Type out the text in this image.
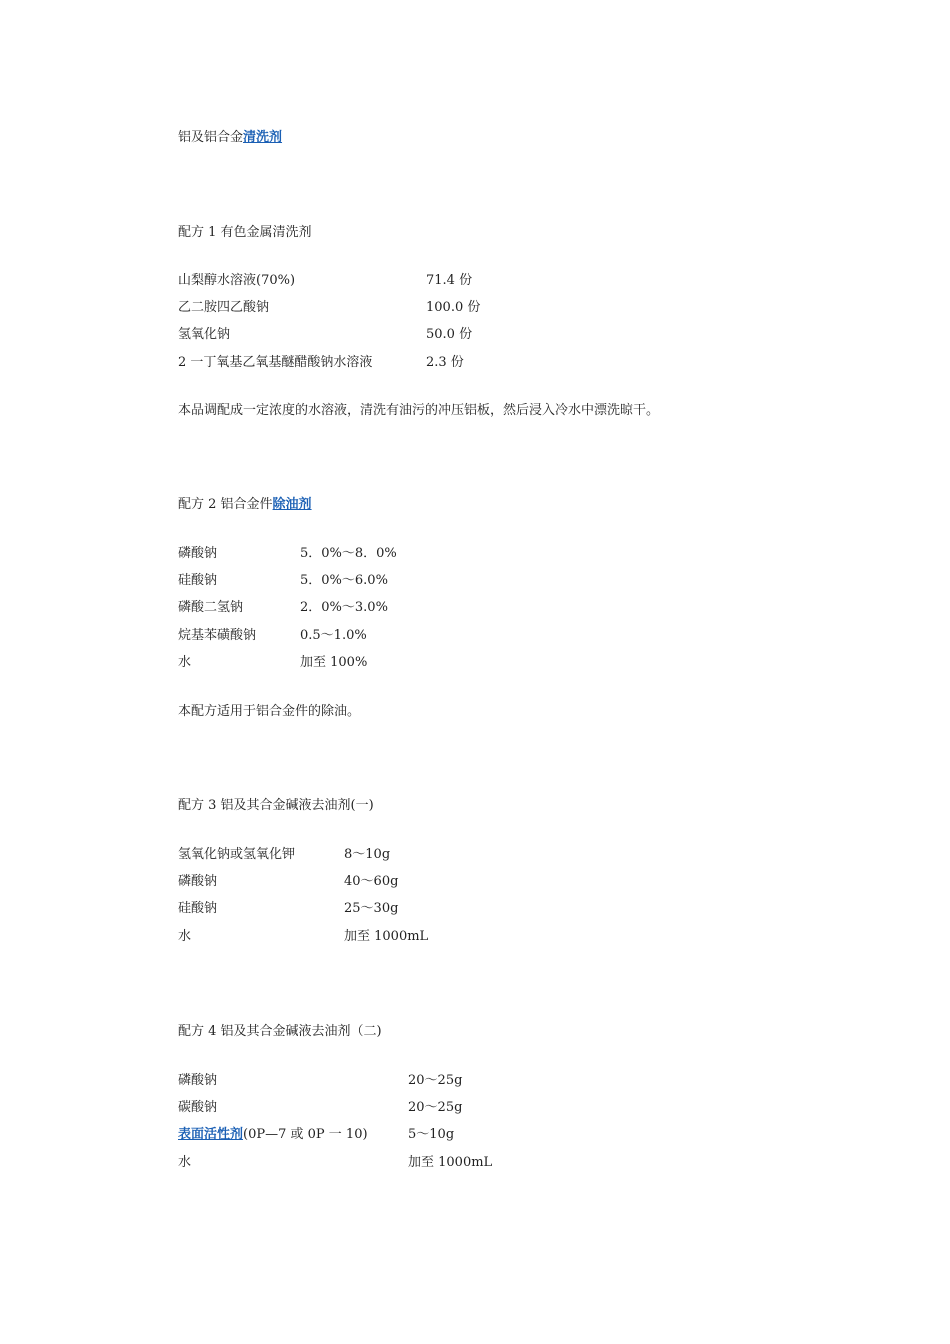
铝及铝合金清洗剂
配方 1 有色金属清洗剂
山梨醇水溶液(70%)	71.4 份
乙二胺四乙酸钠	100.0 份
氢氧化钠	50.0 份
2 一丁氧基乙氧基醚醋酸钠水溶液	2.3 份
本品调配成一定浓度的水溶液，清洗有油污的冲压铝板，然后浸入冷水中漂洗晾干。
配方 2 铝合金件除油剂
磷酸钠	5．0%～8．0%
硅酸钠	5．0%～6.0%
磷酸二氢钠	2．0%～3.0%
烷基苯磺酸钠	0.5～1.0%
水	加至 100%
本配方适用于铝合金件的除油。
配方 3 铝及其合金碱液去油剂(一)
氢氧化钠或氢氧化钾	8～10g
磷酸钠	40～60g
硅酸钠	25～30g
水	加至 1000mL
配方 4 铝及其合金碱液去油剂（二)
磷酸钠	20～25g
碳酸钠	20～25g
表面活性剂(0P—7 或 0P 一 10)	5～10g
水	加至 1000mL
